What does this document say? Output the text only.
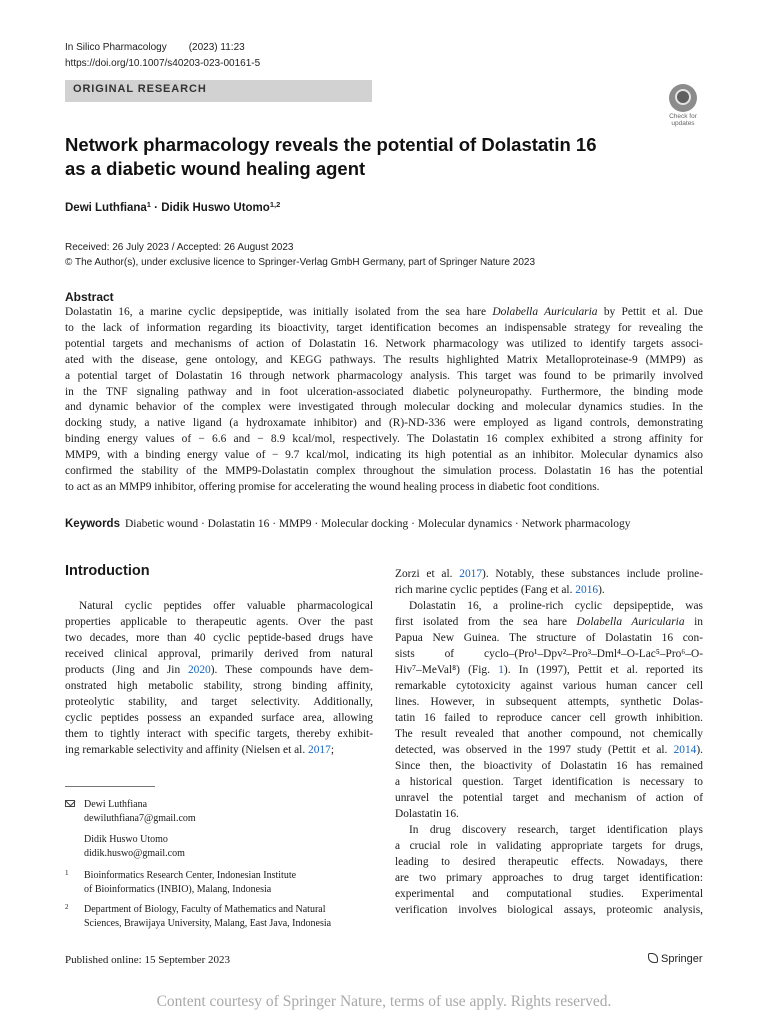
In Silico Pharmacology (2023) 11:23
https://doi.org/10.1007/s40203-023-00161-5
ORIGINAL RESEARCH
Check for
updates
Network pharmacology reveals the potential of Dolastatin 16
as a diabetic wound healing agent
Dewi Luthfiana$^1$ · Didik Huswo Utomo$^{1,2}$
Received: 26 July 2023 / Accepted: 26 August 2023
© The Author(s), under exclusive licence to Springer-Verlag GmbH Germany, part of Springer Nature 2023
Abstract
Dolastatin 16, a marine cyclic depsipeptide, was initially isolated from the sea hare Dolabella Auricularia by Pettit et al. Due
to the lack of information regarding its bioactivity, target identification becomes an indispensable strategy for revealing the
potential targets and mechanisms of action of Dolastatin 16. Network pharmacology was utilized to identify targets associ-
ated with the disease, gene ontology, and KEGG pathways. The results highlighted Matrix Metalloproteinase-9 (MMP9) as
a potential target of Dolastatin 16 through network pharmacology analysis. This target was found to be primarily involved
in the TNF signaling pathway and in foot ulceration-associated diabetic polyneuropathy. Furthermore, the binding mode
and dynamic behavior of the complex were investigated through molecular docking and molecular dynamics studies. In the
docking study, a native ligand (a hydroxamate inhibitor) and (R)-ND-336 were employed as ligand controls, demonstrating
binding energy values of − 6.6 and − 8.9 kcal/mol, respectively. The Dolastatin 16 complex exhibited a strong affinity for
MMP9, with a binding energy value of − 9.7 kcal/mol, indicating its high potential as an inhibitor. Molecular dynamics also
confirmed the stability of the MMP9-Dolastatin complex throughout the simulation process. Dolastatin 16 has the potential
to act as an MMP9 inhibitor, offering promise for accelerating the wound healing process in diabetic foot conditions.
Keywords Diabetic wound · Dolastatin 16 · MMP9 · Molecular docking · Molecular dynamics · Network pharmacology
Introduction
Natural cyclic peptides offer valuable pharmacological
properties applicable to therapeutic agents. Over the past
two decades, more than 40 cyclic peptide-based drugs have
received clinical approval, primarily derived from natural
products (Jing and Jin 2020). These compounds have dem-
onstrated high metabolic stability, strong binding affinity,
proteolytic stability, and target selectivity. Additionally,
cyclic peptides possess an expanded surface area, allowing
them to tightly interact with specific targets, thereby exhibit-
ing remarkable selectivity and affinity (Nielsen et al. 2017;
Dewi Luthfiana
dewiluthfiana7@gmail.com
Didik Huswo Utomo
didik.huswo@gmail.com
1 Bioinformatics Research Center, Indonesian Institute
of Bioinformatics (INBIO), Malang, Indonesia
2 Department of Biology, Faculty of Mathematics and Natural
Sciences, Brawijaya University, Malang, East Java, Indonesia
Zorzi et al. 2017). Notably, these substances include proline-
rich marine cyclic peptides (Fang et al. 2016).
Dolastatin 16, a proline-rich cyclic depsipeptide, was
first isolated from the sea hare Dolabella Auricularia in
Papua New Guinea. The structure of Dolastatin 16 con-
sists of cyclo–(Pro¹–Dpv²–Pro³–Dml⁴–O-Lac⁵–Pro⁶–O-
Hiv⁷–MeVal⁸) (Fig. 1). In (1997), Pettit et al. reported its
remarkable cytotoxicity against various human cancer cell
lines. However, in subsequent attempts, synthetic Dolas-
tatin 16 failed to reproduce cancer cell growth inhibition.
The result revealed that another compound, not chemically
detected, was observed in the 1997 study (Pettit et al. 2014).
Since then, the bioactivity of Dolastatin 16 has remained
a historical question. Target identification is necessary to
unravel the potential target and mechanism of action of
Dolastatin 16.
In drug discovery research, target identification plays
a crucial role in validating appropriate targets for drugs,
leading to desired therapeutic effects. Nowadays, there
are two primary approaches to drug target identification:
experimental and computational studies. Experimental
verification involves biological assays, proteomic analysis,
Published online: 15 September 2023	Springer
Content courtesy of Springer Nature, terms of use apply. Rights reserved.
